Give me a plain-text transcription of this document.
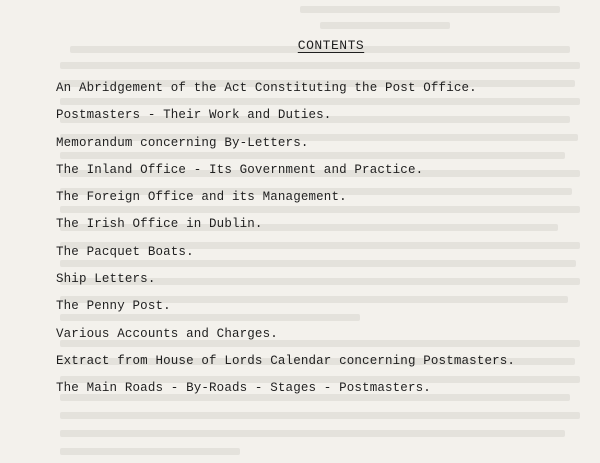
CONTENTS
An Abridgement of the Act Constituting the Post Office.
Postmasters - Their Work and Duties.
Memorandum concerning By-Letters.
The Inland Office - Its Government and Practice.
The Foreign Office and its Management.
The Irish Office in Dublin.
The Pacquet Boats.
Ship Letters.
The Penny Post.
Various Accounts and Charges.
Extract from House of Lords Calendar concerning Postmasters.
The Main Roads - By-Roads - Stages - Postmasters.
